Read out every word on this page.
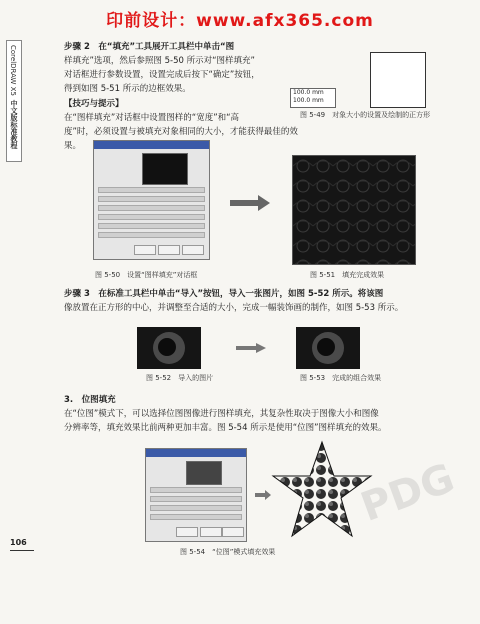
印前设计：www.afx365.com
CorelDRAW X5
中文版标准教程
步骤 2　在“填充”工具展开工具栏中单击“图
样填充”选项，然后参照图 5-50 所示对“图样填充”
对话框进行参数设置，设置完成后按下“确定”按钮，
得到如图 5-51 所示的边框效果。
【技巧与提示】
在“图样填充”对话框中设置图样的“宽度”和“高
度”时，必须设置与被填充对象相同的大小，才能获得最佳的效果。
100.0 mm
100.0 mm
图 5-49　对象大小的设置及绘制的正方形
图 5-50　设置“图样填充”对话框	图 5-51　填充完成效果
步骤 3　在标准工具栏中单击“导入”按钮，导入一张图片，如图 5-52 所示。将该图
像放置在正方形的中心，并调整至合适的大小，完成一幅装饰画的制作，如图 5-53 所示。
图 5-52　导入的图片	图 5-53　完成的组合效果
3.　位图填充
在“位图”模式下，可以选择位图图像进行图样填充，其复杂性取决于图像大小和图像
分辨率等，填充效果比前两种更加丰富。图 5-54 所示是使用“位图”图样填充的效果。
图 5-54　“位图”模式填充效果
106
PDG
